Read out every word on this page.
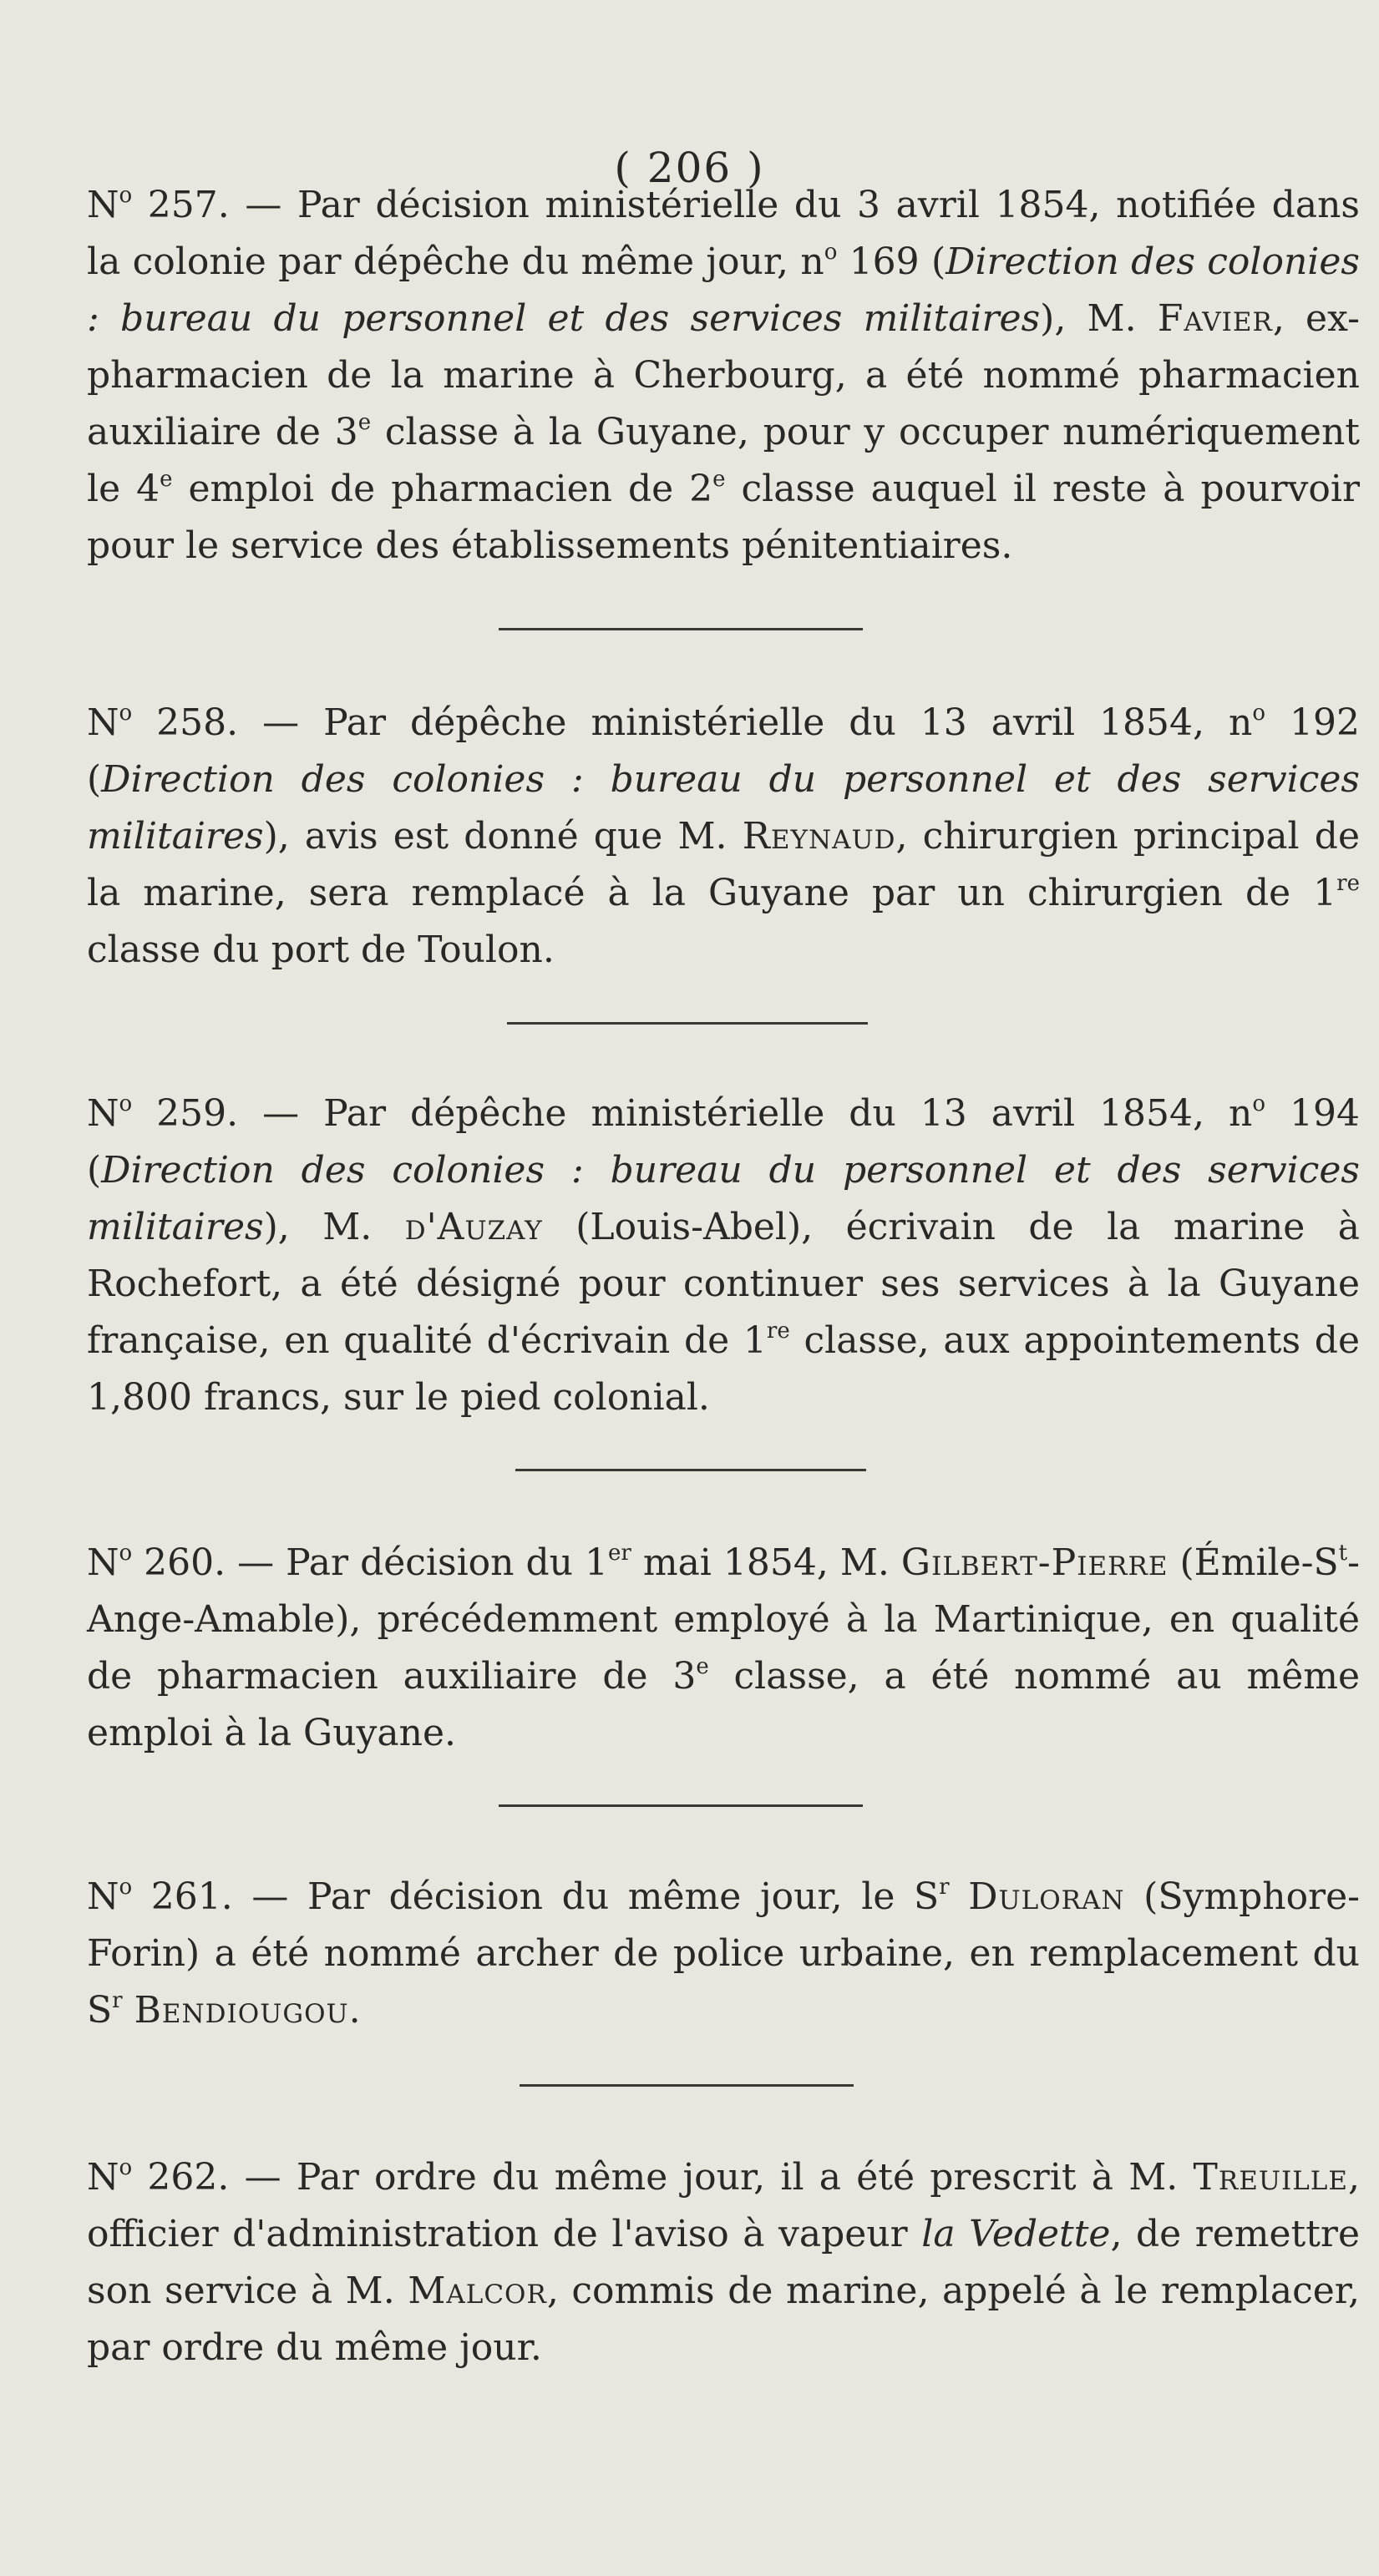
( 206 )
$N^o$ 257. — Par décision ministérielle du 3 avril 1854, notifiée dans la colonie par dépêche du même jour, $n^o$ 169 (Direction des colonies : bureau du personnel et des services militaires), M. Favier, ex-pharmacien de la marine à Cherbourg, a été nommé pharmacien auxiliaire de 3e classe à la Guyane, pour y occuper numériquement le 4e emploi de pharmacien de 2e classe auquel il reste à pourvoir pour le service des établissements pénitentiaires.
$N^o$ 258. — Par dépêche ministérielle du 13 avril 1854, $n^o$ 192 (Direction des colonies : bureau du personnel et des services militaires), avis est donné que M. Reynaud, chirurgien principal de la marine, sera remplacé à la Guyane par un chirurgien de 1re classe du port de Toulon.
$N^o$ 259. — Par dépêche ministérielle du 13 avril 1854, $n^o$ 194 (Direction des colonies : bureau du personnel et des services militaires), M. d'Auzay (Louis-Abel), écrivain de la marine à Rochefort, a été désigné pour continuer ses services à la Guyane française, en qualité d'écrivain de 1re classe, aux appointements de 1,800 francs, sur le pied colonial.
$N^o$ 260. — Par décision du 1er mai 1854, M. Gilbert-Pierre $(Émile-S^t-Ange-Amable)$, précédemment employé à la Martinique, en qualité de pharmacien auxiliaire de 3e classe, a été nommé au même emploi à la Guyane.
$N^o$ 261. — Par décision du même jour, le $S^r$ Duloran (Symphore-Forin) a été nommé archer de police urbaine, en remplacement du $S^r$ Bendiougou.
$N^o$ 262. — Par ordre du même jour, il a été prescrit à M. Treuille, officier d'administration de l'aviso à vapeur la Vedette, de remettre son service à M. Malcor, commis de marine, appelé à le remplacer, par ordre du même jour.
